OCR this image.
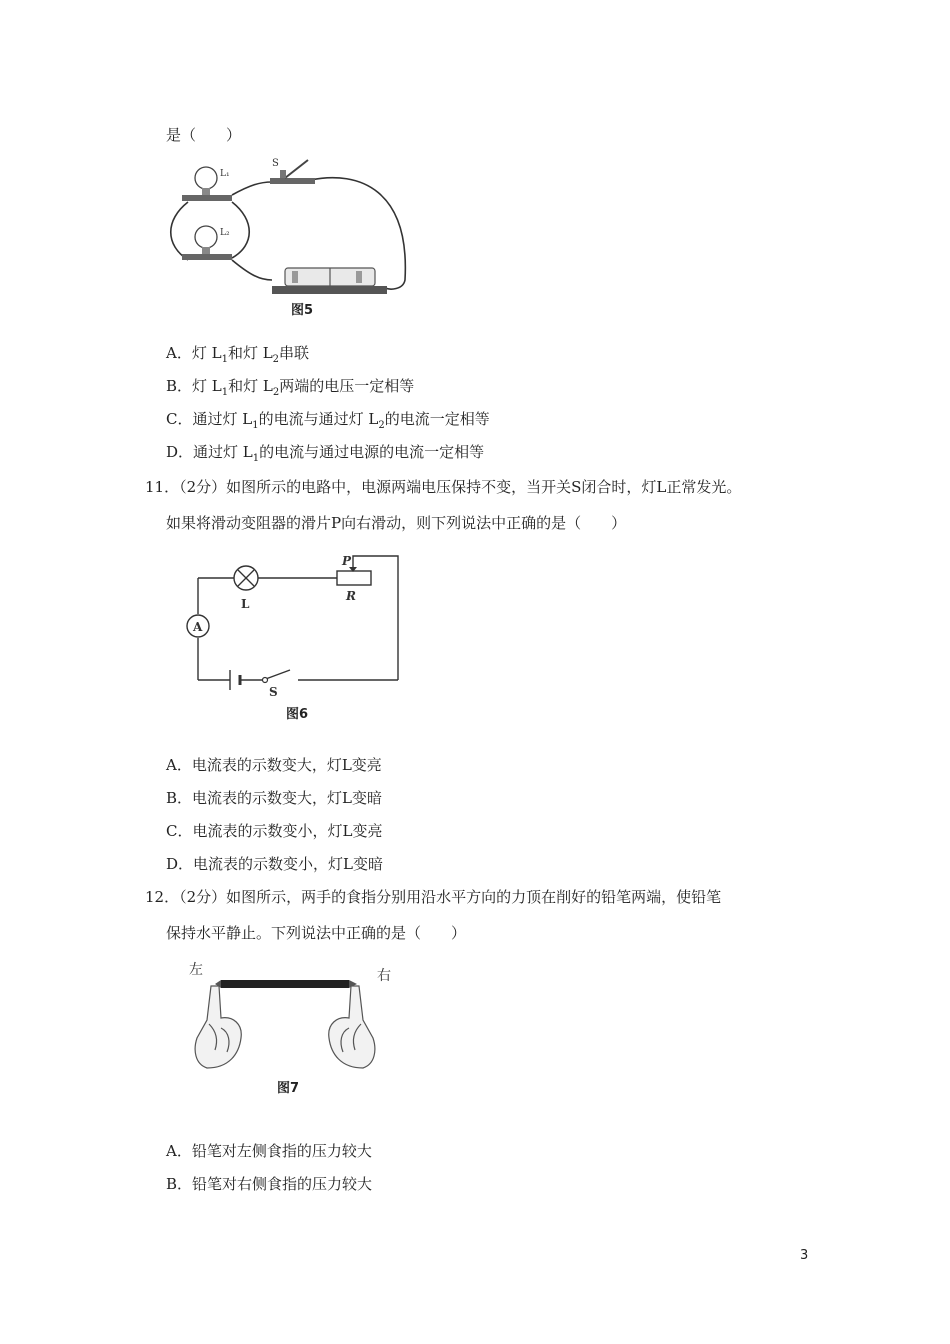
是（　　）
L₁
L₂
S
图5
A．灯 $L_1$和灯 $L_2$串联
B．灯 $L_1$和灯 $L_2$两端的电压一定相等
C．通过灯 $L_1$的电流与通过灯 $L_2$的电流一定相等
D．通过灯 $L_1$的电流与通过电源的电流一定相等
11．（2分）如图所示的电路中，电源两端电压保持不变，当开关S闭合时，灯L正常发光。
如果将滑动变阻器的滑片P向右滑动，则下列说法中正确的是（　　）
A
P
R
L
S
图6
A．电流表的示数变大，灯L变亮
B．电流表的示数变大，灯L变暗
C．电流表的示数变小，灯L变亮
D．电流表的示数变小，灯L变暗
12．（2分）如图所示，两手的食指分别用沿水平方向的力顶在削好的铅笔两端，使铅笔
保持水平静止。下列说法中正确的是（　　）
左	右
图7
A．铅笔对左侧食指的压力较大
B．铅笔对右侧食指的压力较大
3
